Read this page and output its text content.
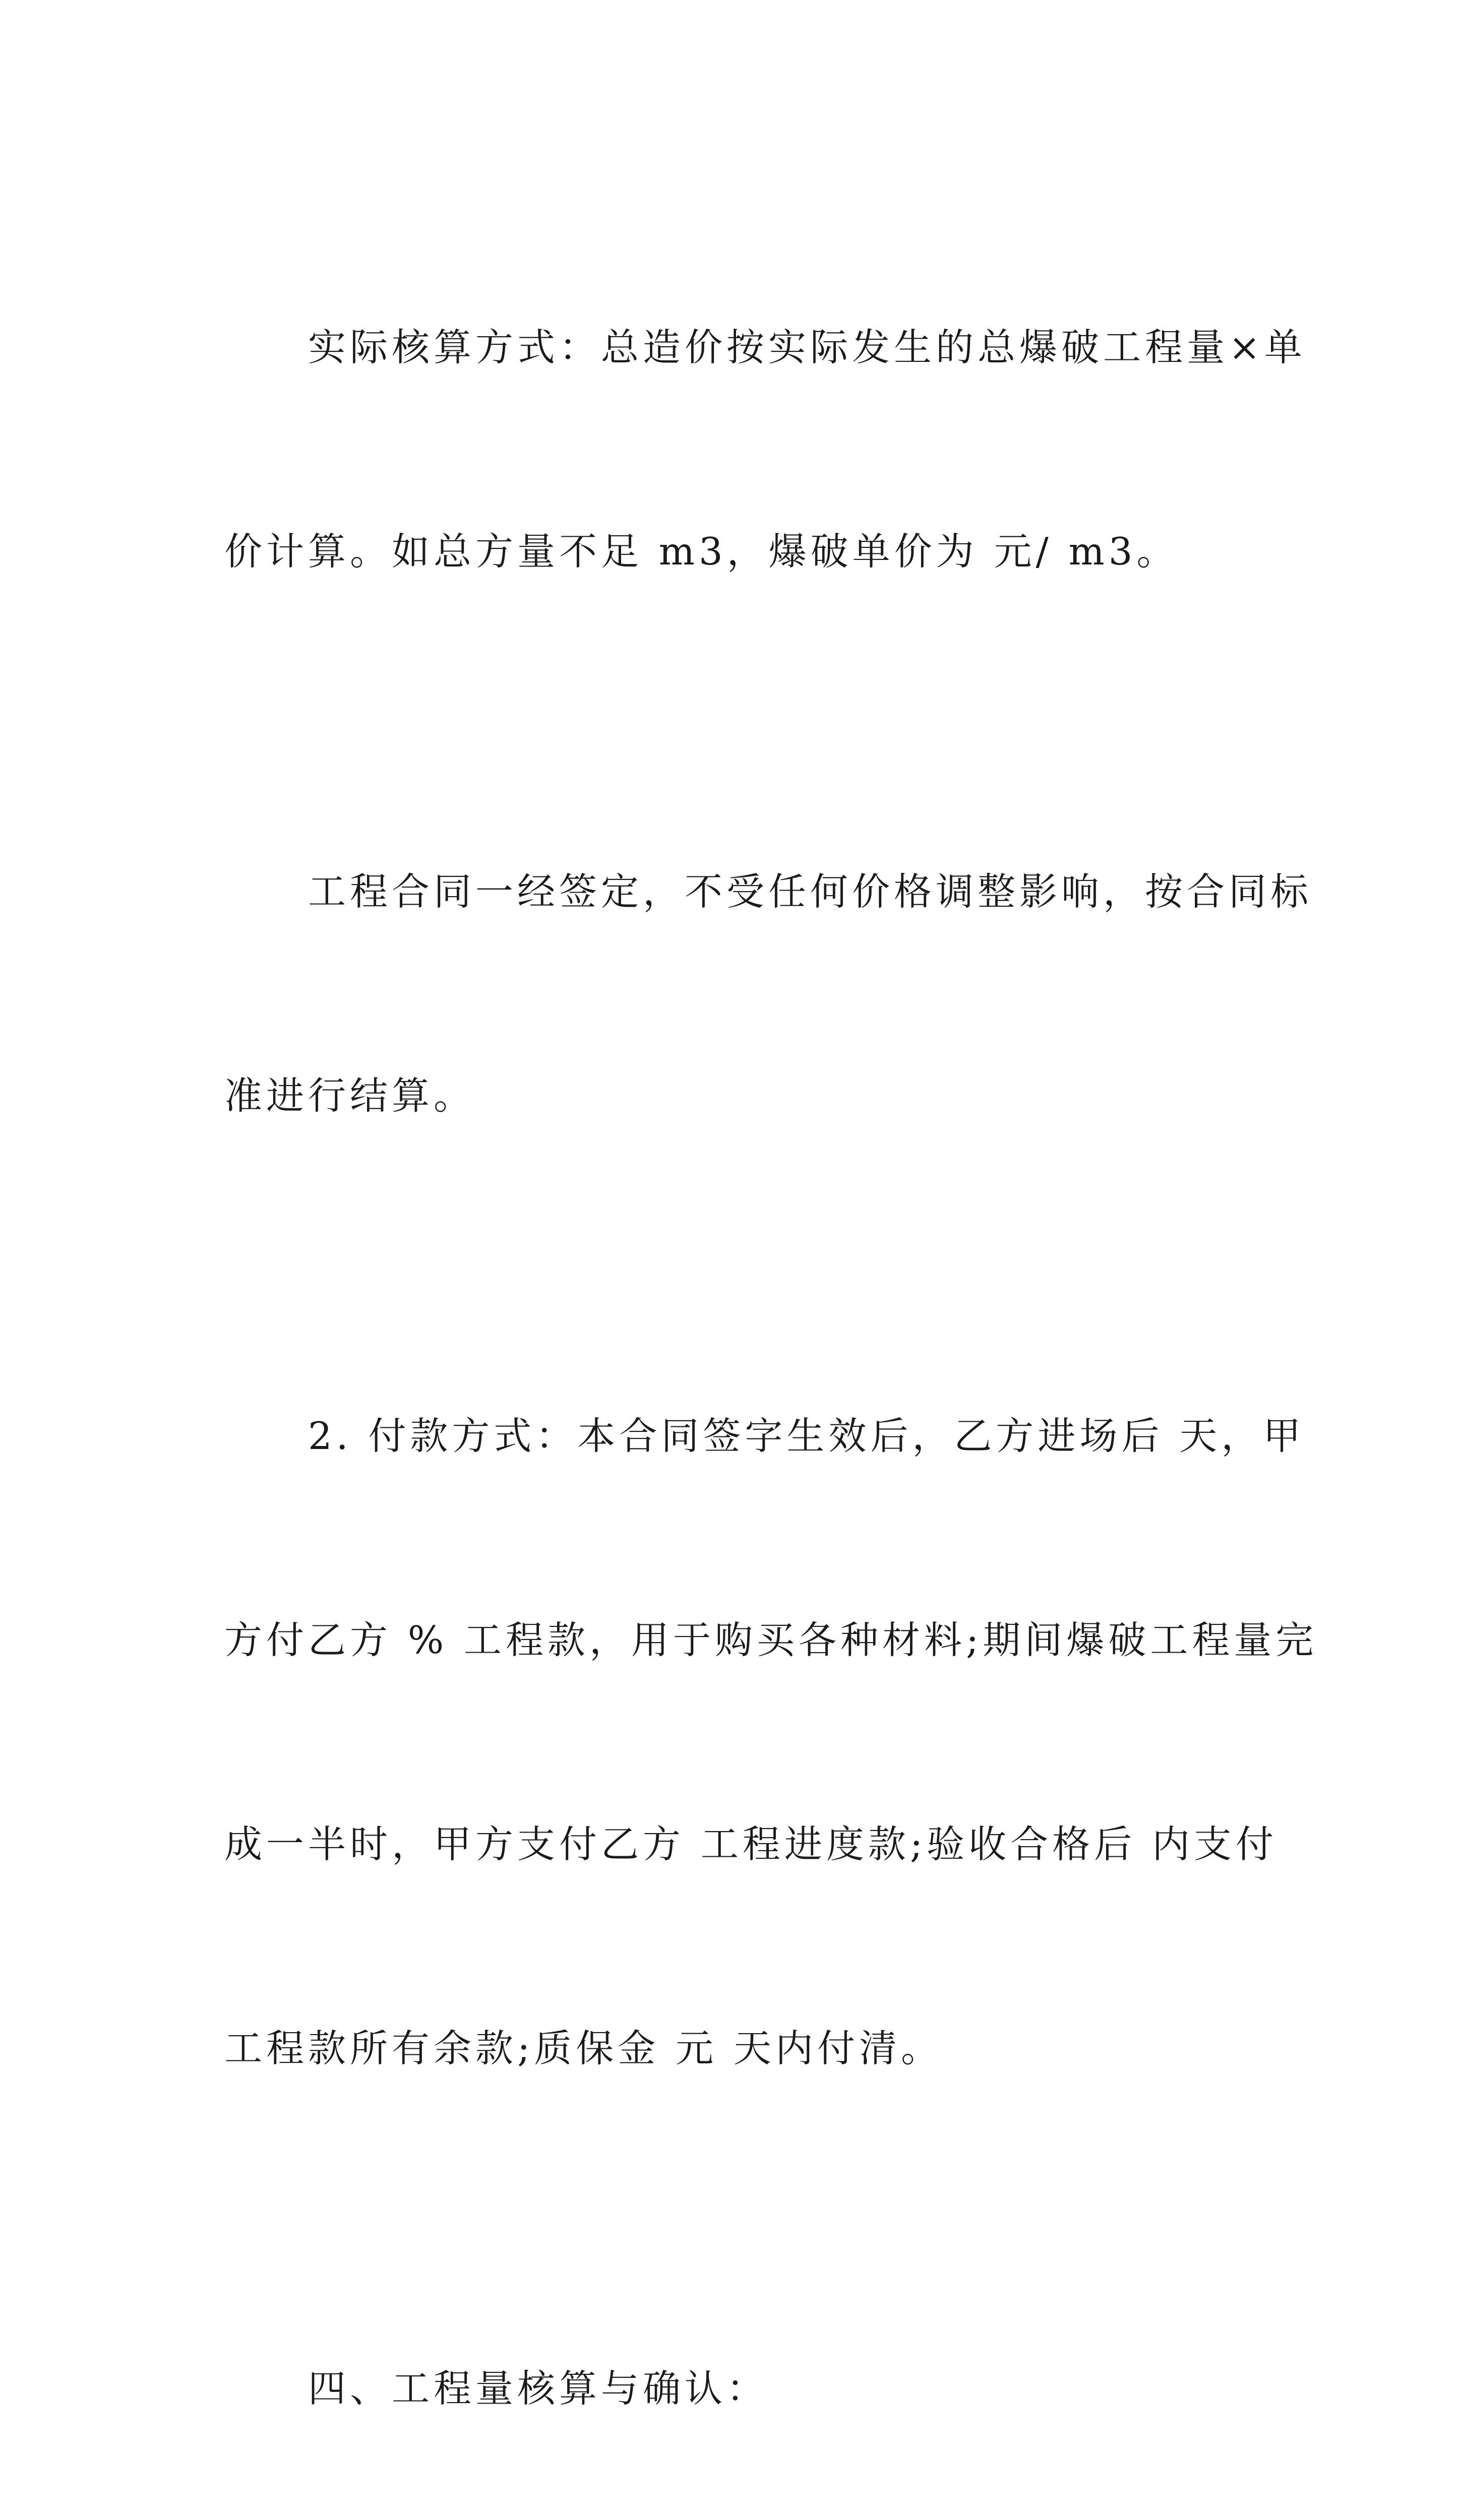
实际核算方式：总造价按实际发生的总爆破工程量×单

价计算。如总方量不足 m3，爆破单价为 元/ m3。

工程合同一经签定，不受任何价格调整影响，按合同标

准进行结算。

2. 付款方式：本合同签字生效后，乙方进场后 天，甲

方付乙方 % 工程款，用于购买各种材料;期间爆破工程量完

成一半时，甲方支付乙方 工程进度款;验收合格后 内支付

工程款所有余款;质保金 元 天内付清。

四、工程量核算与确认：
